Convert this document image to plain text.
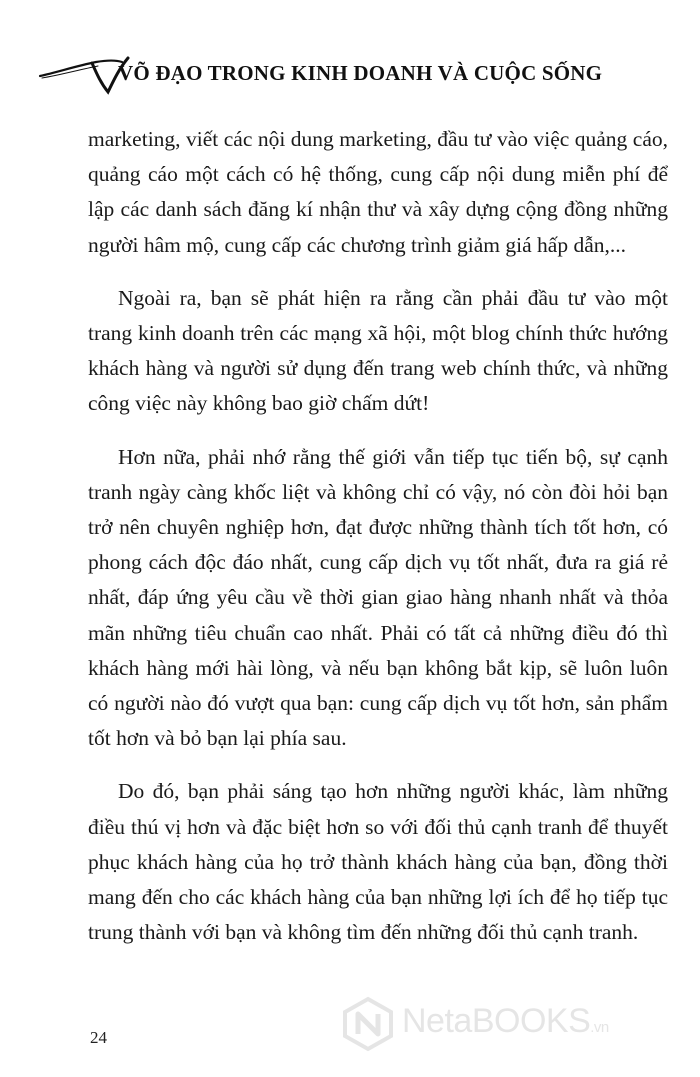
VÕ ĐẠO TRONG KINH DOANH VÀ CUỘC SỐNG

marketing, viết các nội dung marketing, đầu tư vào việc quảng cáo, quảng cáo một cách có hệ thống, cung cấp nội dung miễn phí để lập các danh sách đăng kí nhận thư và xây dựng cộng đồng những người hâm mộ, cung cấp các chương trình giảm giá hấp dẫn,...

Ngoài ra, bạn sẽ phát hiện ra rằng cần phải đầu tư vào một trang kinh doanh trên các mạng xã hội, một blog chính thức hướng khách hàng và người sử dụng đến trang web chính thức, và những công việc này không bao giờ chấm dứt!

Hơn nữa, phải nhớ rằng thế giới vẫn tiếp tục tiến bộ, sự cạnh tranh ngày càng khốc liệt và không chỉ có vậy, nó còn đòi hỏi bạn trở nên chuyên nghiệp hơn, đạt được những thành tích tốt hơn, có phong cách độc đáo nhất, cung cấp dịch vụ tốt nhất, đưa ra giá rẻ nhất, đáp ứng yêu cầu về thời gian giao hàng nhanh nhất và thỏa mãn những tiêu chuẩn cao nhất. Phải có tất cả những điều đó thì khách hàng mới hài lòng, và nếu bạn không bắt kịp, sẽ luôn luôn có người nào đó vượt qua bạn: cung cấp dịch vụ tốt hơn, sản phẩm tốt hơn và bỏ bạn lại phía sau.

Do đó, bạn phải sáng tạo hơn những người khác, làm những điều thú vị hơn và đặc biệt hơn so với đối thủ cạnh tranh để thuyết phục khách hàng của họ trở thành khách hàng của bạn, đồng thời mang đến cho các khách hàng của bạn những lợi ích để họ tiếp tục trung thành với bạn và không tìm đến những đối thủ cạnh tranh.

24	NetaBOOKS.vn
